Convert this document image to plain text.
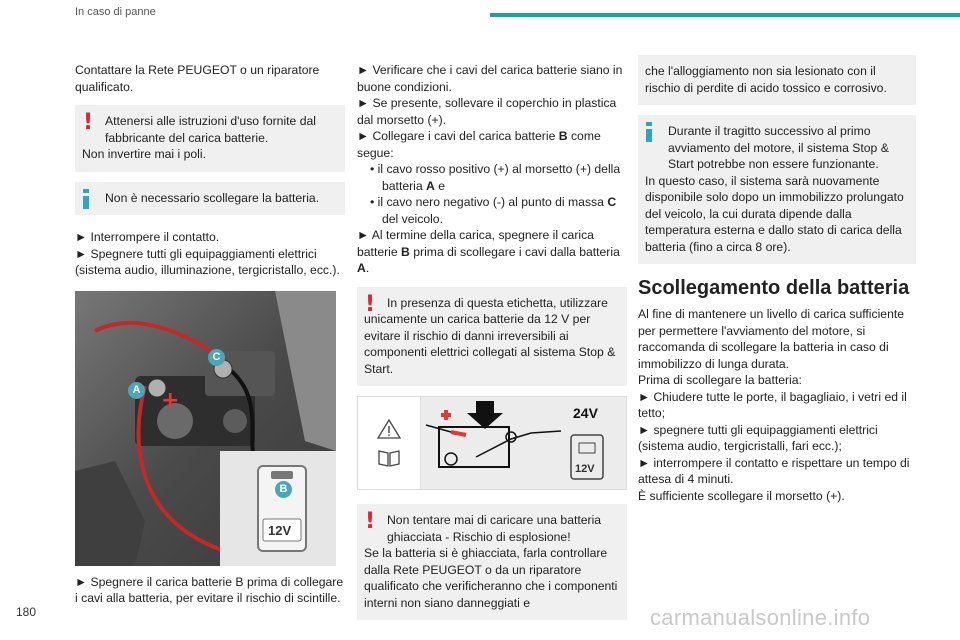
In caso di panne

Contattare la Rete PEUGEOT o un riparatore qualificato.

! Attenersi alle istruzioni d'uso fornite dal fabbricante del carica batterie.
Non invertire mai i poli.
Non è necessario scollegare la batteria.

► Interrompere il contatto.

► Spegnere tutti gli equipaggiamenti elettrici (sistema audio, illuminazione, tergicristallo, ecc.).

+
A
C
B
12V

► Spegnere il carica batterie B prima di collegare i cavi alla batteria, per evitare il rischio di scintille.

► Verificare che i cavi del carica batterie siano in buone condizioni.

► Se presente, sollevare il coperchio in plastica dal morsetto (+).

► Collegare i cavi del carica batterie B come segue:

• il cavo rosso positivo (+) al morsetto (+) della batteria A e
• il cavo nero negativo (-) al punto di massa C del veicolo.

► Al termine della carica, spegnere il carica batterie B prima di scollegare i cavi dalla batteria A.

! In presenza di questa etichetta, utilizzare unicamente un carica batterie da 12 V per evitare il rischio di danni irreversibili ai componenti elettrici collegati al sistema Stop & Start.
24V
12V
! Non tentare mai di caricare una batteria ghiacciata - Rischio di esplosione!
Se la batteria si è ghiacciata, farla controllare dalla Rete PEUGEOT o da un riparatore qualificato che verificheranno che i componenti interni non siano danneggiati e
che l'alloggiamento non sia lesionato con il rischio di perdite di acido tossico e corrosivo.
Durante il tragitto successivo al primo avviamento del motore, il sistema Stop & Start potrebbe non essere funzionante.
In questo caso, il sistema sarà nuovamente disponibile solo dopo un immobilizzo prolungato del veicolo, la cui durata dipende dalla temperatura esterna e dallo stato di carica della batteria (fino a circa 8 ore).
Scollegamento della batteria

Al fine di mantenere un livello di carica sufficiente per permettere l'avviamento del motore, si raccomanda di scollegare la batteria in caso di immobilizzo di lunga durata.

Prima di scollegare la batteria:

► Chiudere tutte le porte, il bagagliaio, i vetri ed il tetto;

► spegnere tutti gli equipaggiamenti elettrici (sistema audio, tergicristalli, fari ecc.);

► interrompere il contatto e rispettare un tempo di attesa di 4 minuti.

È sufficiente scollegare il morsetto (+).

180	carmanualsonline.info
